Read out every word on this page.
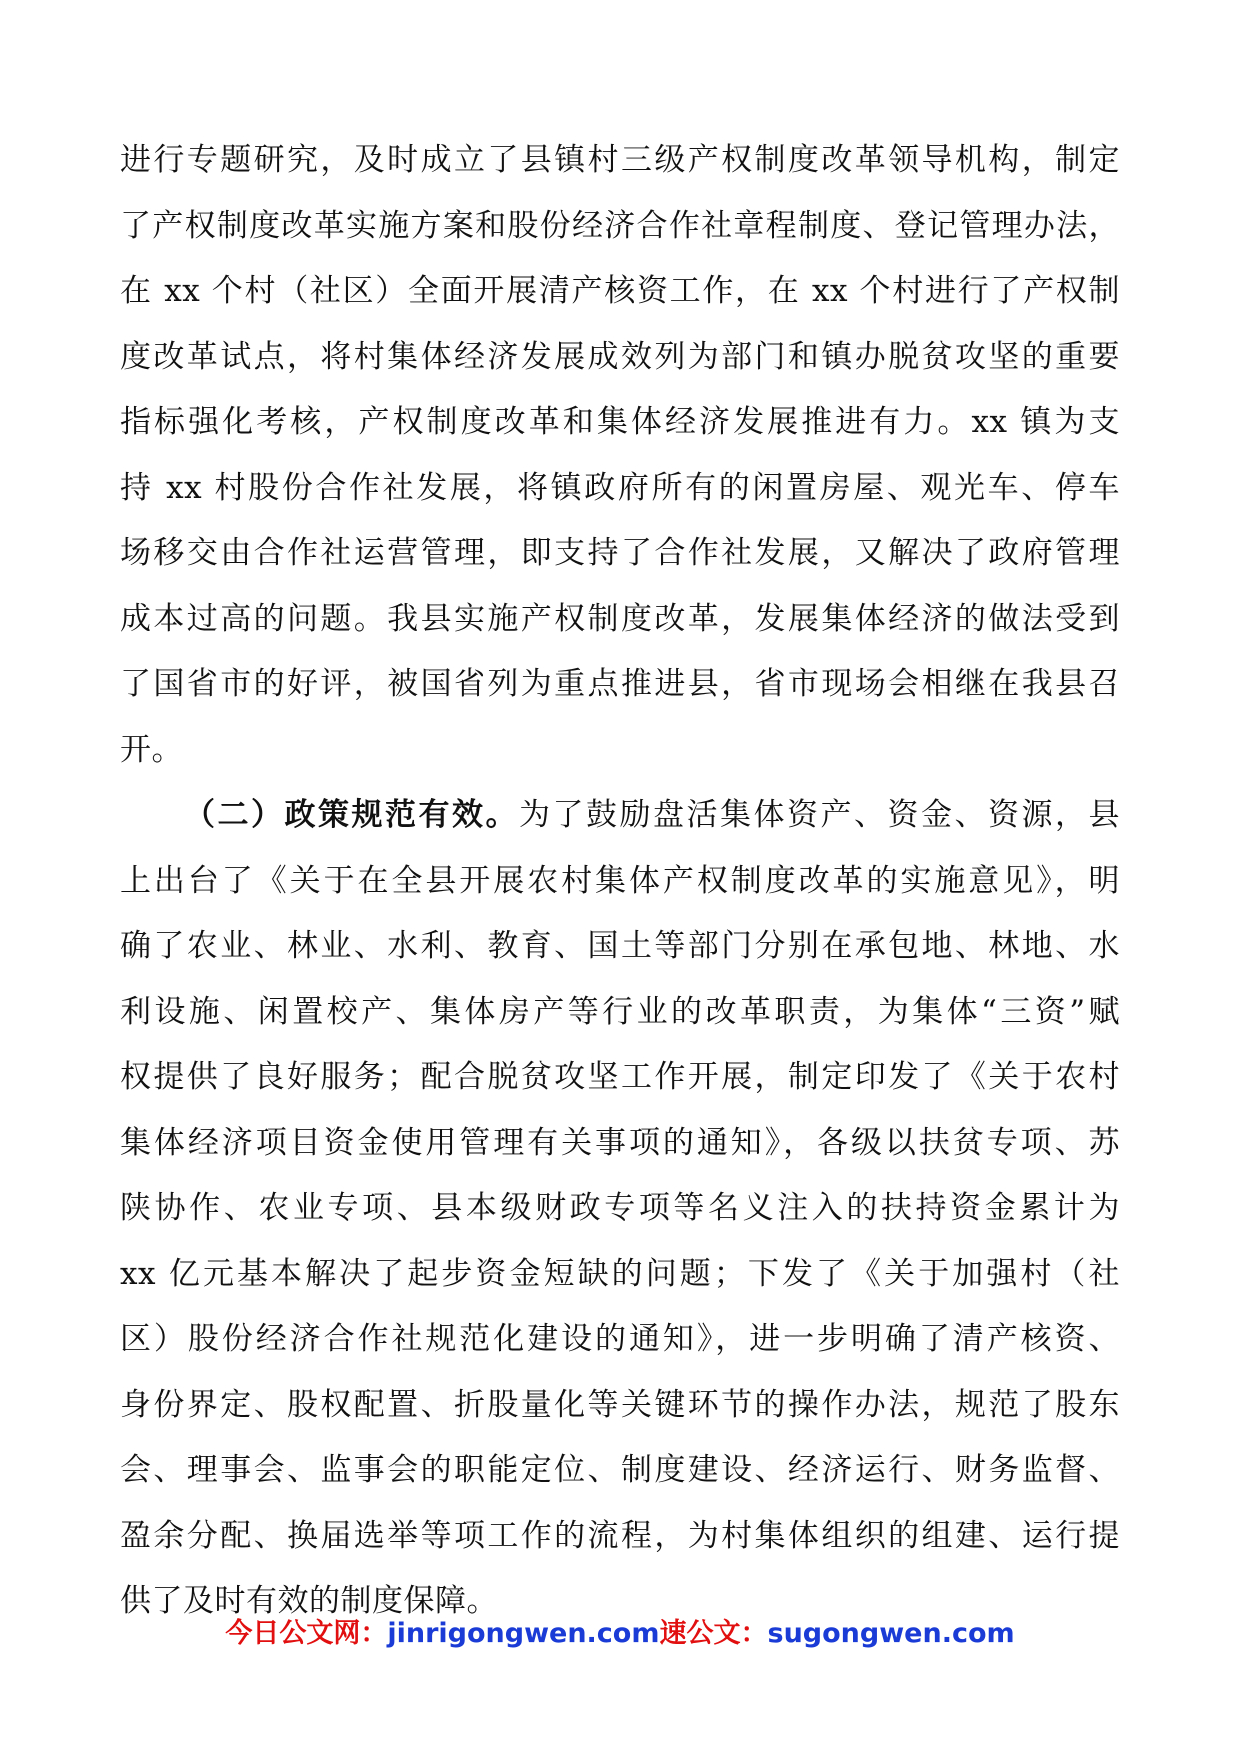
进行专题研究，及时成立了县镇村三级产权制度改革领导机构，制定
了产权制度改革实施方案和股份经济合作社章程制度、登记管理办法，
在 xx 个村（社区）全面开展清产核资工作，在 xx 个村进行了产权制
度改革试点，将村集体经济发展成效列为部门和镇办脱贫攻坚的重要
指标强化考核，产权制度改革和集体经济发展推进有力。xx 镇为支
持 xx 村股份合作社发展，将镇政府所有的闲置房屋、观光车、停车
场移交由合作社运营管理，即支持了合作社发展，又解决了政府管理
成本过高的问题。我县实施产权制度改革，发展集体经济的做法受到
了国省市的好评，被国省列为重点推进县，省市现场会相继在我县召
开。
（二）政策规范有效。为了鼓励盘活集体资产、资金、资源，县
上出台了《关于在全县开展农村集体产权制度改革的实施意见》，明
确了农业、林业、水利、教育、国土等部门分别在承包地、林地、水
利设施、闲置校产、集体房产等行业的改革职责，为集体“三资”赋
权提供了良好服务；配合脱贫攻坚工作开展，制定印发了《关于农村
集体经济项目资金使用管理有关事项的通知》，各级以扶贫专项、苏
陕协作、农业专项、县本级财政专项等名义注入的扶持资金累计为
xx 亿元基本解决了起步资金短缺的问题；下发了《关于加强村（社
区）股份经济合作社规范化建设的通知》，进一步明确了清产核资、
身份界定、股权配置、折股量化等关键环节的操作办法，规范了股东
会、理事会、监事会的职能定位、制度建设、经济运行、财务监督、
盈余分配、换届选举等项工作的流程，为村集体组织的组建、运行提
供了及时有效的制度保障。
今日公文网：jinrigongwen.com速公文：sugongwen.com
